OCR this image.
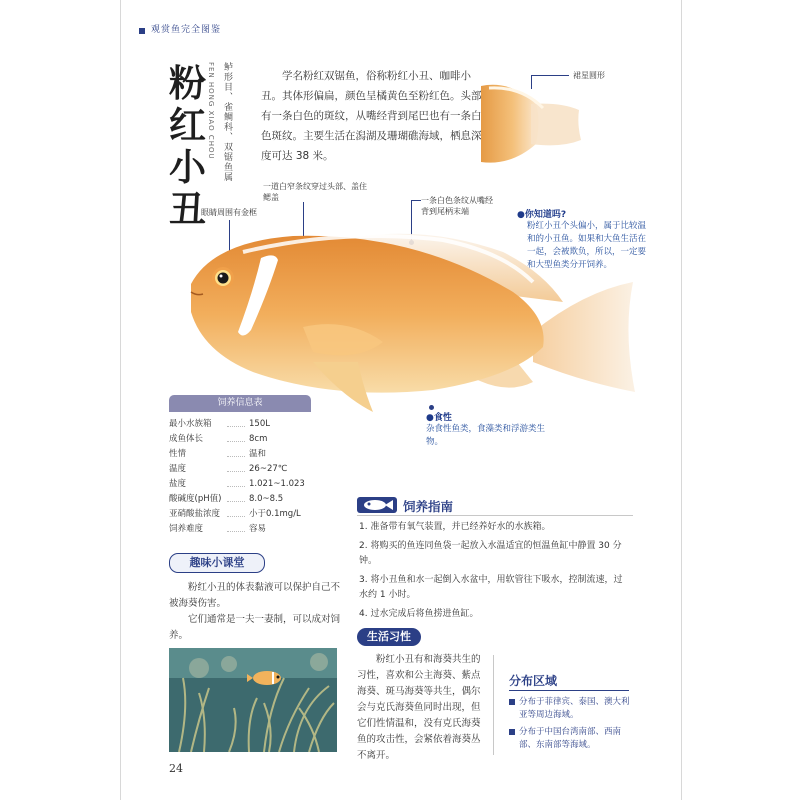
观赏鱼完全图鉴
粉
红
小
丑
鲈形目、雀鲷科、双锯鱼属
FEN HONG XIAO CHOU	学名粉红双锯鱼，俗称粉红小丑、咖啡小丑。其体形偏扁，颜色呈橘黄色至粉红色。头部有一条白色的斑纹，从嘴经背到尾巴也有一条白色斑纹。主要生活在潟湖及珊瑚礁海域，栖息深度可达 38 米。
裙星圆形
一道白窄条纹穿过头部、盖住鳃盖
眼睛周围有金框
一条白色条纹从嘴经背到尾柄末端	●你知道吗?
粉红小丑个头偏小，属于比较温和的小丑鱼。如果和大鱼生活在一起，会被欺负，所以，一定要和大型鱼类分开饲养。
●食性
杂食性鱼类，食藻类和浮游类生物。
饲养信息表
最小水族箱	150L
成鱼体长	8cm
性情	温和
温度	26~27℃
盐度	1.021~1.023
酸碱度(pH值)	8.0~8.5
亚硝酸盐浓度	小于0.1mg/L
饲养难度	容易
饲养指南
1. 准备带有氧气装置，并已经养好水的水族箱。
2. 将购买的鱼连同鱼袋一起放入水温适宜的恒温鱼缸中静置 30 分钟。
3. 将小丑鱼和水一起倒入水盆中，用软管往下吸水，控制流速，过水约 1 小时。
4. 过水完成后将鱼捞进鱼缸。
趣味小课堂
粉红小丑的体表黏液可以保护自己不被海葵伤害。
它们通常是一夫一妻制，可以成对饲养。	生活习性
粉红小丑有和海葵共生的习性，喜欢和公主海葵、紫点海葵、斑马海葵等共生，偶尔会与克氏海葵鱼同时出现，但它们性情温和，没有克氏海葵鱼的攻击性，会紧依着海葵丛不离开。
分布区域
分布于菲律宾、泰国、澳大利亚等周边海域。
分布于中国台湾南部、西南部、东南部等海域。
24
